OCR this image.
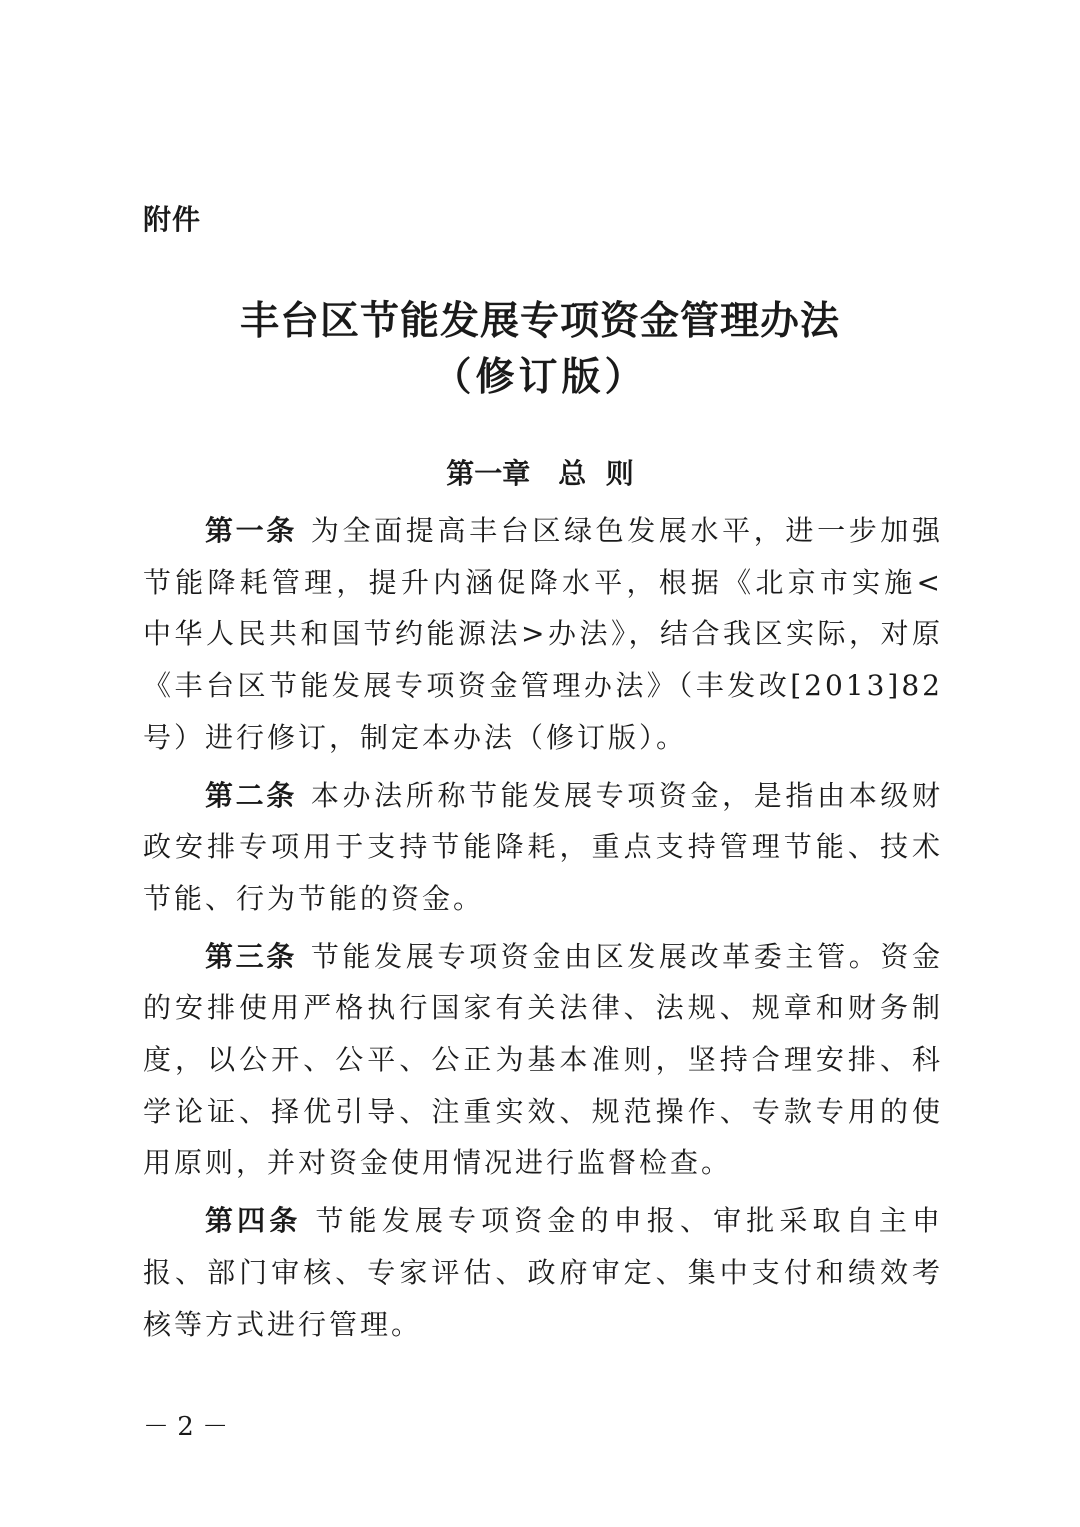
附件
丰台区节能发展专项资金管理办法
（修订版）
第一章　总  则

第一条 为全面提高丰台区绿色发展水平，进一步加强节能降耗管理，提升内涵促降水平，根据《北京市实施<中华人民共和国节约能源法>办法》，结合我区实际，对原《丰台区节能发展专项资金管理办法》（丰发改[2013]82号）进行修订，制定本办法（修订版）。

第二条 本办法所称节能发展专项资金，是指由本级财政安排专项用于支持节能降耗，重点支持管理节能、技术节能、行为节能的资金。

第三条 节能发展专项资金由区发展改革委主管。资金的安排使用严格执行国家有关法律、法规、规章和财务制度，以公开、公平、公正为基本准则，坚持合理安排、科学论证、择优引导、注重实效、规范操作、专款专用的使用原则，并对资金使用情况进行监督检查。

第四条 节能发展专项资金的申报、审批采取自主申报、部门审核、专家评估、政府审定、集中支付和绩效考核等方式进行管理。

－ 2 －
